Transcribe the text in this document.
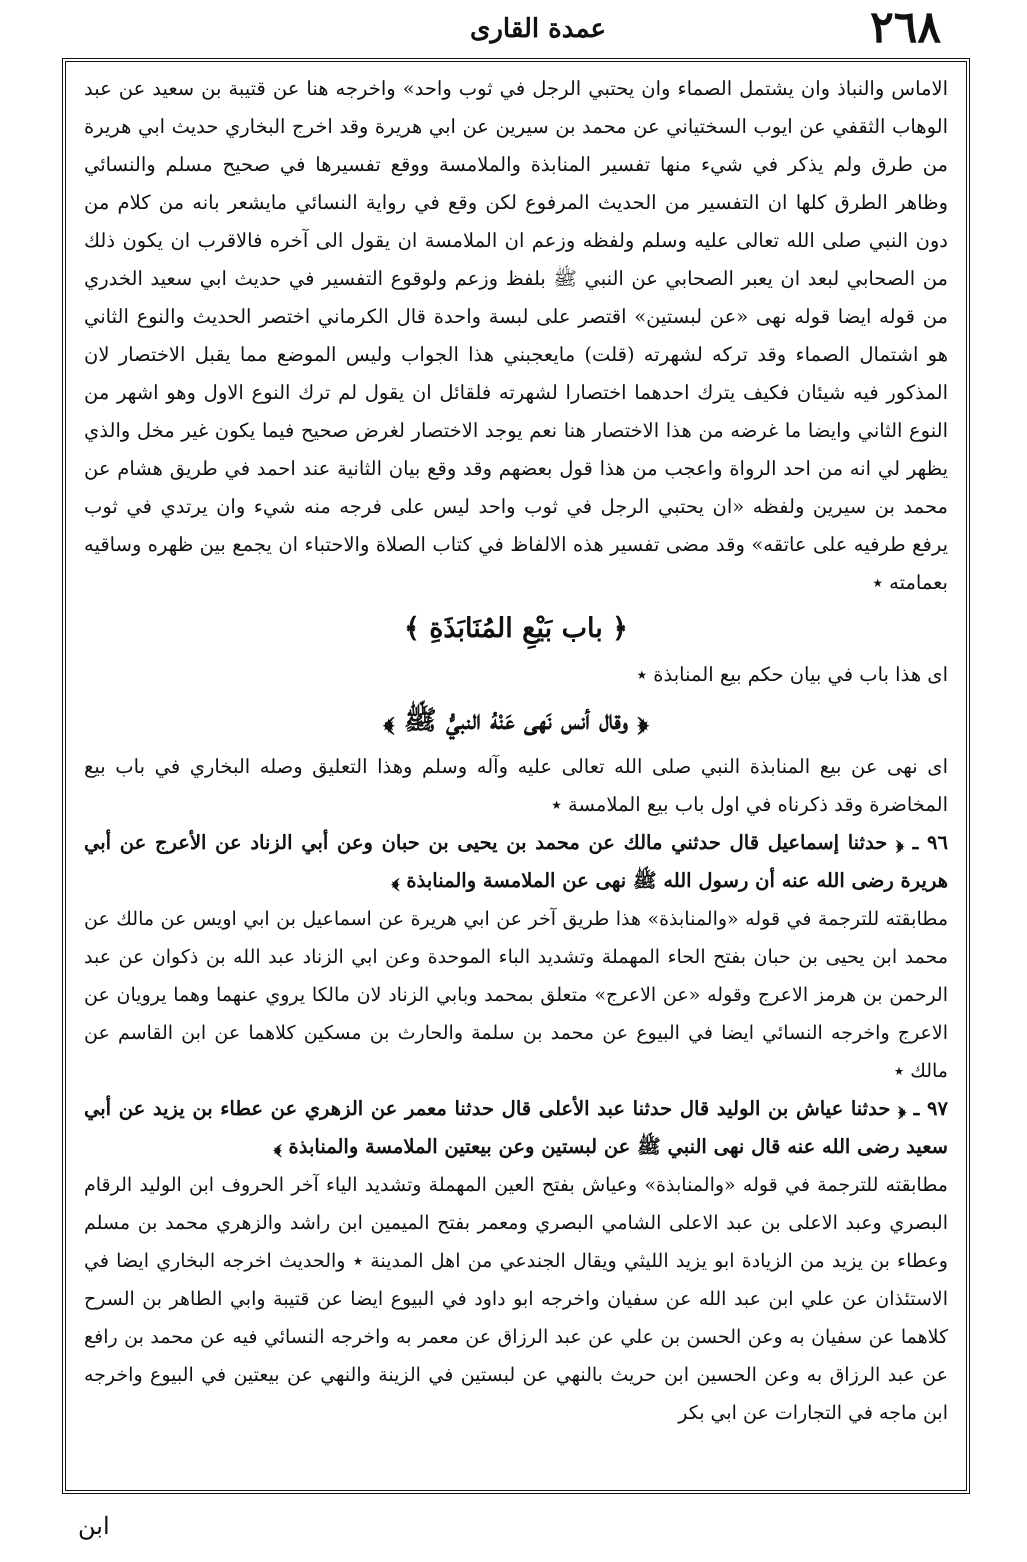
٢٦٨
عمدة القاری

الاماس والنباذ وان يشتمل الصماء وان يحتبي الرجل في ثوب واحد» واخرجه هنا عن قتيبة بن سعيد عن عبد الوهاب الثقفي عن ايوب السختياني عن محمد بن سيرين عن ابي هريرة وقد اخرج البخاري حديث ابي هريرة من طرق ولم يذكر في شيء منها تفسير المنابذة والملامسة ووقع تفسيرها في صحيح مسلم والنسائي وظاهر الطرق كلها ان التفسير من الحديث المرفوع لكن وقع في رواية النسائي مايشعر بانه من كلام من دون النبي صلى الله تعالى عليه وسلم ولفظه وزعم ان الملامسة ان يقول الى آخره فالاقرب ان يكون ذلك من الصحابي لبعد ان يعبر الصحابي عن النبي ﷺ بلفظ وزعم ولوقوع التفسير في حديث ابي سعيد الخدري من قوله ايضا قوله نهى «عن لبستين» اقتصر على لبسة واحدة قال الكرماني اختصر الحديث والنوع الثاني هو اشتمال الصماء وقد تركه لشهرته (قلت) مايعجبني هذا الجواب وليس الموضع مما يقبل الاختصار لان المذكور فيه شيئان فكيف يترك احدهما اختصارا لشهرته فلقائل ان يقول لم ترك النوع الاول وهو اشهر من النوع الثاني وايضا ما غرضه من هذا الاختصار هنا نعم يوجد الاختصار لغرض صحيح فيما يكون غير مخل والذي يظهر لي انه من احد الرواة واعجب من هذا قول بعضهم وقد وقع بيان الثانية عند احمد في طريق هشام عن محمد بن سيرين ولفظه «ان يحتبي الرجل في ثوب واحد ليس على فرجه منه شيء وان يرتدي في ثوب يرفع طرفيه على عاتقه» وقد مضى تفسير هذه الالفاظ في كتاب الصلاة والاحتباء ان يجمع بين ظهره وساقيه بعمامته ٭

﴿ باب بَيْعِ المُنَابَذَةِ ﴾

اى هذا باب في بيان حكم بيع المنابذة ٭

﴿ وقال أنس نَهى عَنْهُ النبيُّ ﷺ ﴾

اى نهى عن بيع المنابذة النبي صلى الله تعالى عليه وآله وسلم وهذا التعليق وصله البخاري في باب بيع المخاضرة وقد ذكرناه في اول باب بيع الملامسة ٭

٩٦ ـ ﴿ حدثنا إسماعيل قال حدثني مالك عن محمد بن يحيى بن حبان وعن أبي الزناد عن الأعرج عن أبي هريرة رضى الله عنه أن رسول الله ﷺ نهى عن الملامسة والمنابذة ﴾

مطابقته للترجمة في قوله «والمنابذة» هذا طريق آخر عن ابي هريرة عن اسماعيل بن ابي اويس عن مالك عن محمد ابن يحيى بن حبان بفتح الحاء المهملة وتشديد الباء الموحدة وعن ابي الزناد عبد الله بن ذكوان عن عبد الرحمن بن هرمز الاعرج وقوله «عن الاعرج» متعلق بمحمد وبابي الزناد لان مالكا يروي عنهما وهما يرويان عن الاعرج واخرجه النسائي ايضا في البيوع عن محمد بن سلمة والحارث بن مسكين كلاهما عن ابن القاسم عن مالك ٭

٩٧ ـ ﴿ حدثنا عياش بن الوليد قال حدثنا عبد الأعلى قال حدثنا معمر عن الزهري عن عطاء بن يزيد عن أبي سعيد رضى الله عنه قال نهى النبي ﷺ عن لبستين وعن بيعتين الملامسة والمنابذة ﴾

مطابقته للترجمة في قوله «والمنابذة» وعياش بفتح العين المهملة وتشديد الياء آخر الحروف ابن الوليد الرقام البصري وعبد الاعلى بن عبد الاعلى الشامي البصري ومعمر بفتح الميمين ابن راشد والزهري محمد بن مسلم وعطاء بن يزيد من الزيادة ابو يزيد الليثي ويقال الجندعي من اهل المدينة ٭ والحديث اخرجه البخاري ايضا في الاستئذان عن علي ابن عبد الله عن سفيان واخرجه ابو داود في البيوع ايضا عن قتيبة وابي الطاهر بن السرح كلاهما عن سفيان به وعن الحسن بن علي عن عبد الرزاق عن معمر به واخرجه النسائي فيه عن محمد بن رافع عن عبد الرزاق به وعن الحسين ابن حريث بالنهي عن لبستين في الزينة والنهي عن بيعتين في البيوع واخرجه ابن ماجه في التجارات عن ابي بكر

ابن
